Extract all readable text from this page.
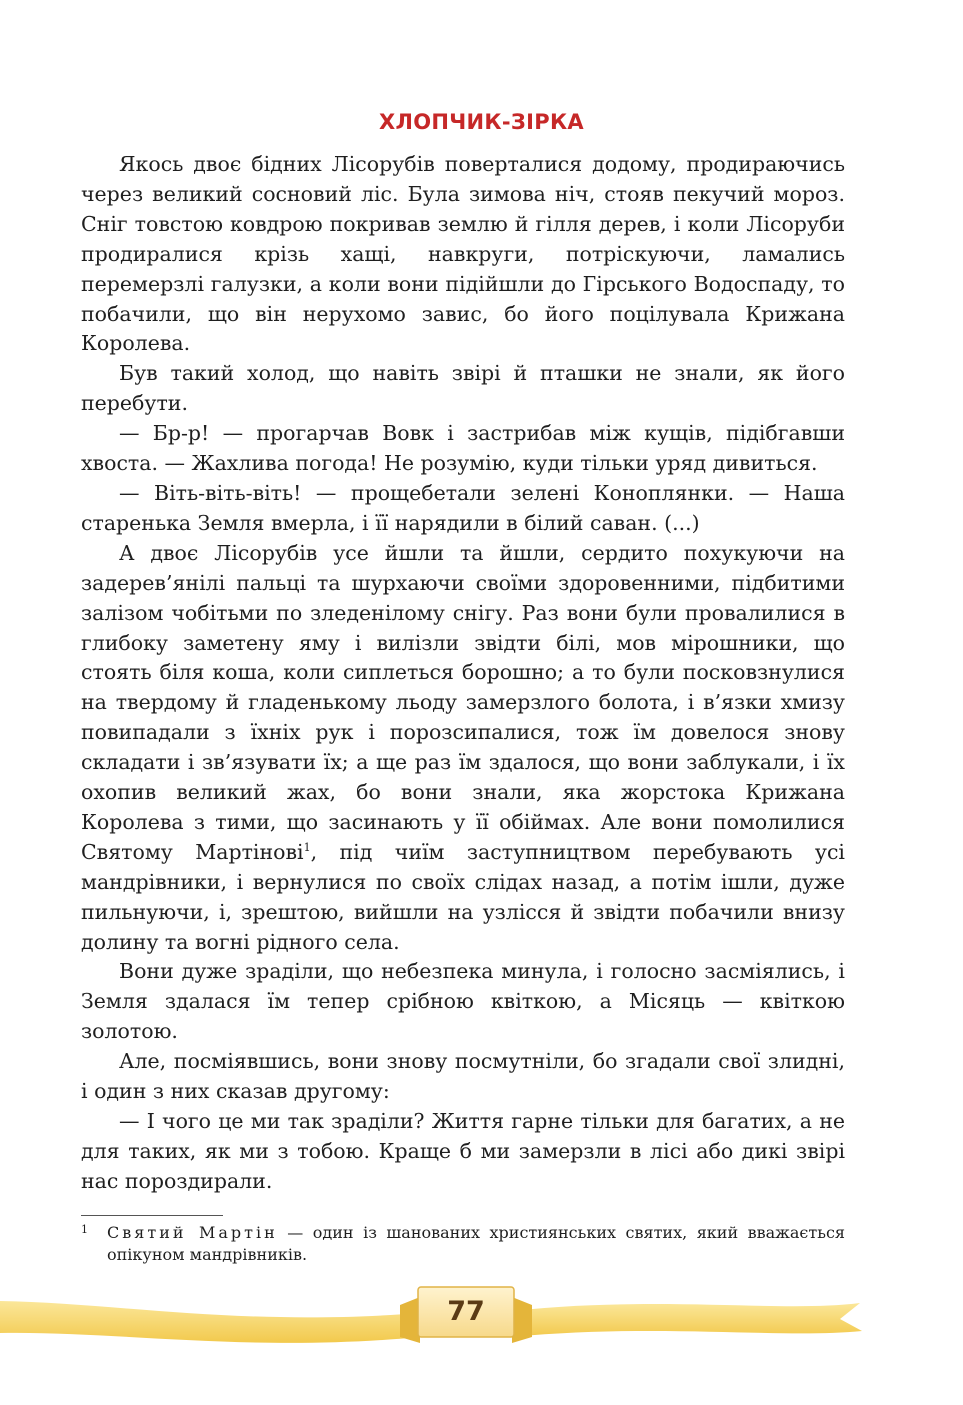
ХЛОПЧИК-ЗІРКА

Якось двоє бідних Лісорубів поверталися додому, продираючись через великий сосновий ліс. Була зимова ніч, стояв пекучий мороз. Сніг товстою ковдрою покривав землю й гілля дерев, і коли Лісоруби продиралися крізь хащі, навкруги, потріскуючи, ламались перемерзлі галузки, а коли вони підійшли до Гірського Водоспаду, то побачили, що він нерухомо завис, бо його поцілувала Крижана Королева.

Був такий холод, що навіть звірі й пташки не знали, як його перебути.

— Бр-р! — прогарчав Вовк і застрибав між кущів, підібгавши хвоста. — Жахлива погода! Не розумію, куди тільки уряд дивиться.

— Віть-віть-віть! — прощебетали зелені Коноплянки. — Наша старенька Земля вмерла, і її нарядили в білий саван. (...)

А двоє Лісорубів усе йшли та йшли, сердито похукуючи на задерев’янілі пальці та шурхаючи своїми здоровенними, підбитими залізом чобітьми по зледенілому снігу. Раз вони були провалилися в глибоку заметену яму і вилізли звідти білі, мов мірошники, що стоять біля коша, коли сиплеться борошно; а то були посковзнулися на твердому й гладенькому льоду замерзлого болота, і в’язки хмизу повипадали з їхніх рук і порозсипалися, тож їм довелося знову складати і зв’язувати їх; а ще раз їм здалося, що вони заблукали, і їх охопив великий жах, бо вони знали, яка жорстока Крижана Королева з тими, що засинають у її обіймах. Але вони помолилися Святому Мартінові$^1$, під чиїм заступництвом перебувають усі мандрівники, і вернулися по своїх слідах назад, а потім ішли, дуже пильнуючи, і, зрештою, вийшли на узлісся й звідти побачили внизу долину та вогні рідного села.

Вони дуже зраділи, що небезпека минула, і голосно засміялись, і Земля здалася їм тепер срібною квіткою, а Місяць — квіткою золотою.

Але, посміявшись, вони знову посмутніли, бо згадали свої злидні, і один з них сказав другому:

— І чого це ми так зраділи? Життя гарне тільки для багатих, а не для таких, як ми з тобою. Краще б ми замерзли в лісі або дикі звірі нас пороздирали.

1	Святий Мартін — один із шанованих християнських святих, який вважається опікуном мандрівників.
77
